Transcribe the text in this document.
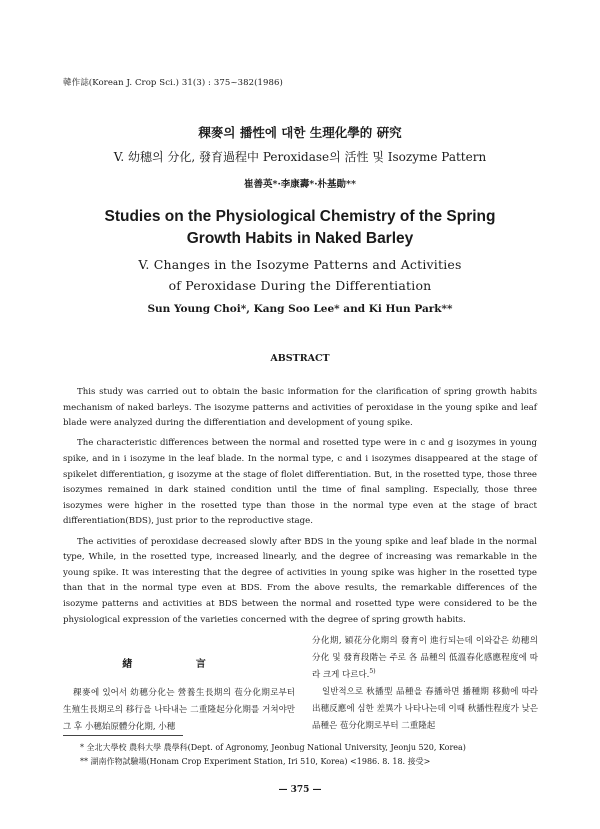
韓作誌(Korean J. Crop Sci.) 31(3) : 375~382(1986)
稞麥의 播性에 대한 生理化學的 硏究
V. 幼穗의 分化, 發育過程中 Peroxidase의 活性 및 Isozyme Pattern
崔善英*·李康壽*·朴基勛**
Studies on the Physiological Chemistry of the Spring
Growth Habits in Naked Barley
V. Changes in the Isozyme Patterns and Activities
of Peroxidase During the Differentiation
Sun Young Choi*, Kang Soo Lee* and Ki Hun Park**
ABSTRACT

This study was carried out to obtain the basic information for the clarification of spring growth habits mechanism of naked barleys. The isozyme patterns and activities of peroxidase in the young spike and leaf blade were analyzed during the differentiation and development of young spike.

The characteristic differences between the normal and rosetted type were in c and g isozymes in young spike, and in i isozyme in the leaf blade. In the normal type, c and i isozymes disappeared at the stage of spikelet differentiation, g isozyme at the stage of flolet differentiation. But, in the rosetted type, those three isozymes remained in dark stained condition until the time of final sampling. Especially, those three isozymes were higher in the rosetted type than those in the normal type even at the stage of bract differentiation(BDS), just prior to the reproductive stage.

The activities of peroxidase decreased slowly after BDS in the young spike and leaf blade in the normal type, While, in the rosetted type, increased linearly, and the degree of increasing was remarkable in the young spike. It was interesting that the degree of activities in young spike was higher in the rosetted type than that in the normal type even at BDS. From the above results, the remarkable differences of the isozyme patterns and activities at BDS between the normal and rosetted type were considered to be the physiological expression of the varieties concerned with the degree of spring growth habits.

緖 言

稞麥에 있어서 幼穗分化는 營養生長期의 苞分化期로부터 生殖生長期로의 移行을 나타내는 二重隆起分化期를 거쳐야만 그 후 小穗始原體分化期, 小穗

分化期, 穎花分化期의 發育이 進行되는데 이와같은 幼穗의 分化 및 發育段階는 주로 各 品種의 低溫春化感應程度에 따라 크게 다르다.$^{5)}$

일반적으로 秋播型 品種을 春播하면 播種期 移動에 따라 出穗反應에 심한 差異가 나타나는데 이때 秋播性程度가 낮은 品種은 苞分化期로부터 二重隆起

* 全北大學校 農科大學 農學科(Dept. of Agronomy, Jeonbug National University, Jeonju 520, Korea)
** 湖南作物試驗場(Honam Crop Experiment Station, Iri 510, Korea) <1986. 8. 18. 接受>
— 375 —
